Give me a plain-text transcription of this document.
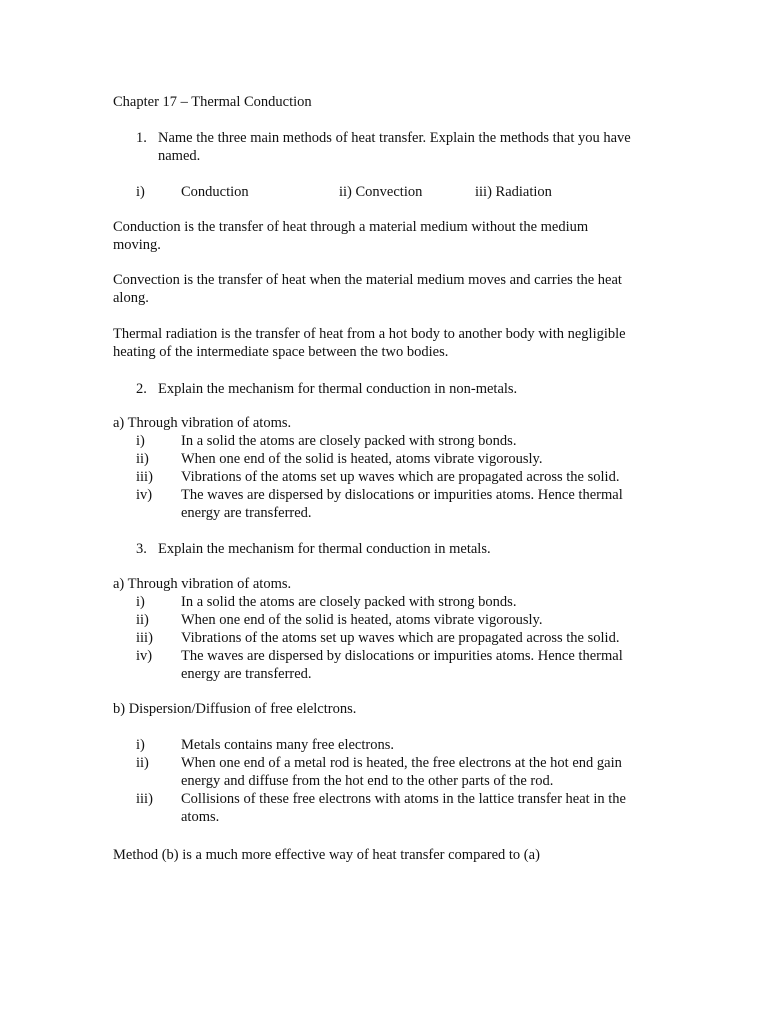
Chapter 17 – Thermal Conduction
1. Name the three main methods of heat transfer. Explain the methods that you have named.
i) Conduction	ii) Convection	iii) Radiation
Conduction is the transfer of heat through a material medium without the medium moving.
Convection is the transfer of heat when the material medium moves and carries the heat along.
Thermal radiation is the transfer of heat from a hot body to another body with negligible heating of the intermediate space between the two bodies.
2. Explain the mechanism for thermal conduction in non-metals.
a) Through vibration of atoms.
i) In a solid the atoms are closely packed with strong bonds.
ii) When one end of the solid is heated, atoms vibrate vigorously.
iii) Vibrations of the atoms set up waves which are propagated across the solid.
iv) The waves are dispersed by dislocations or impurities atoms. Hence thermal energy are transferred.
3. Explain the mechanism for thermal conduction in metals.
a) Through vibration of atoms.
i) In a solid the atoms are closely packed with strong bonds.
ii) When one end of the solid is heated, atoms vibrate vigorously.
iii) Vibrations of the atoms set up waves which are propagated across the solid.
iv) The waves are dispersed by dislocations or impurities atoms. Hence thermal energy are transferred.
b) Dispersion/Diffusion of free elelctrons.
i) Metals contains many free electrons.
ii) When one end of a metal rod is heated, the free electrons at the hot end gain energy and diffuse from the hot end to the other parts of the rod.
iii) Collisions of these free electrons with atoms in the lattice transfer heat in the atoms.
Method (b) is a much more effective way of heat transfer compared to (a)
